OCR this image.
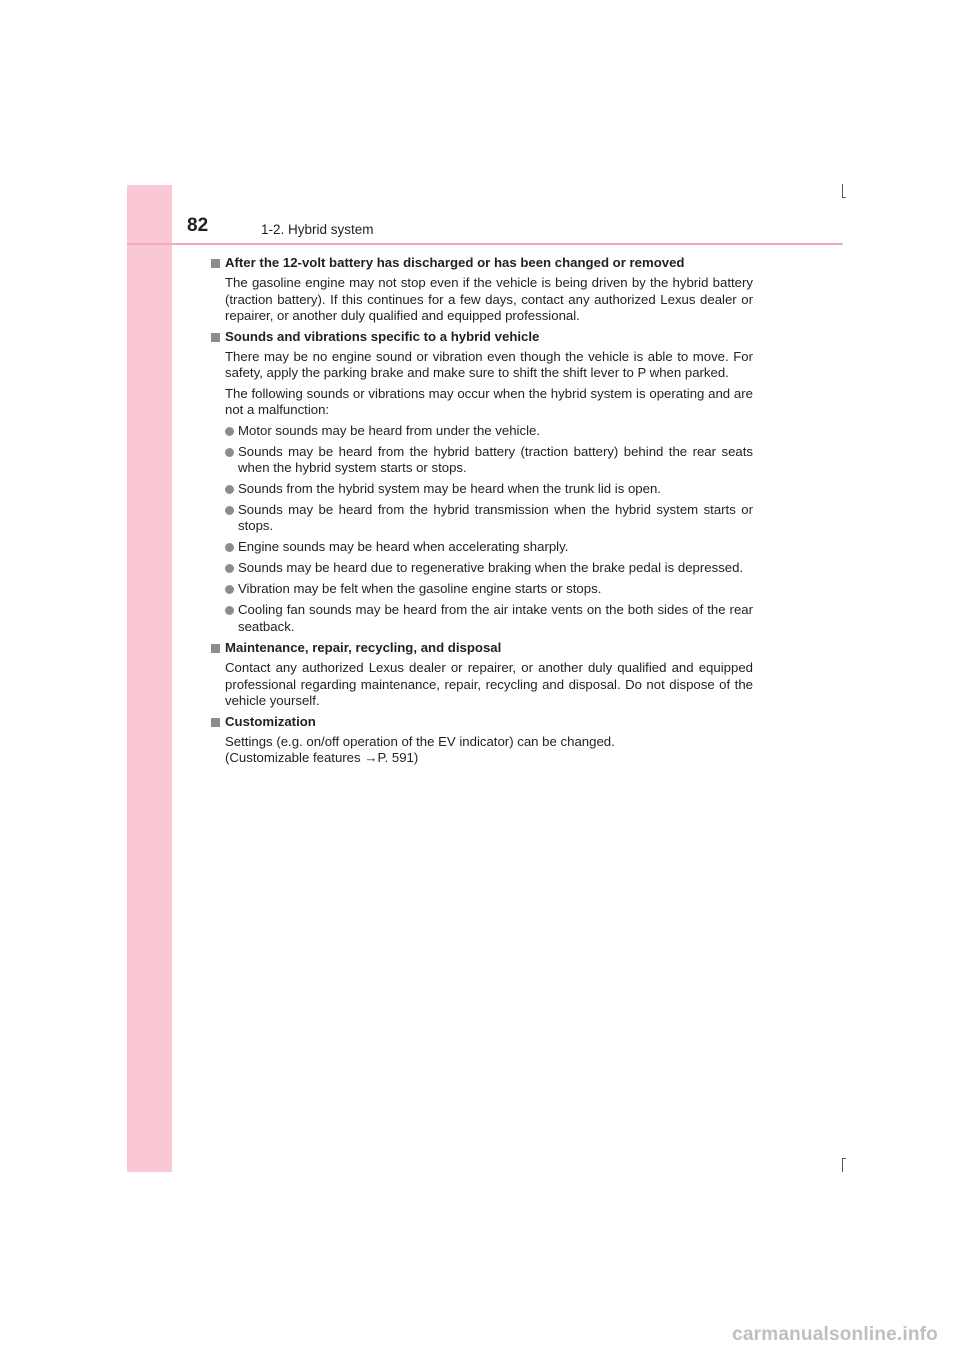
82	1-2. Hybrid system
After the 12-volt battery has discharged or has been changed or removed

The gasoline engine may not stop even if the vehicle is being driven by the hybrid battery (traction battery). If this continues for a few days, contact any authorized Lexus dealer or repairer, or another duly qualified and equipped professional.

Sounds and vibrations specific to a hybrid vehicle

There may be no engine sound or vibration even though the vehicle is able to move. For safety, apply the parking brake and make sure to shift the shift lever to P when parked.

The following sounds or vibrations may occur when the hybrid system is operating and are not a malfunction:

Motor sounds may be heard from under the vehicle.
Sounds may be heard from the hybrid battery (traction battery) behind the rear seats when the hybrid system starts or stops.
Sounds from the hybrid system may be heard when the trunk lid is open.
Sounds may be heard from the hybrid transmission when the hybrid system starts or stops.
Engine sounds may be heard when accelerating sharply.
Sounds may be heard due to regenerative braking when the brake pedal is depressed.
Vibration may be felt when the gasoline engine starts or stops.
Cooling fan sounds may be heard from the air intake vents on the both sides of the rear seatback.
Maintenance, repair, recycling, and disposal

Contact any authorized Lexus dealer or repairer, or another duly qualified and equipped professional regarding maintenance, repair, recycling and disposal. Do not dispose of the vehicle yourself.

Customization

Settings (e.g. on/off operation of the EV indicator) can be changed.

(Customizable features →P. 591)

carmanualsonline.info
